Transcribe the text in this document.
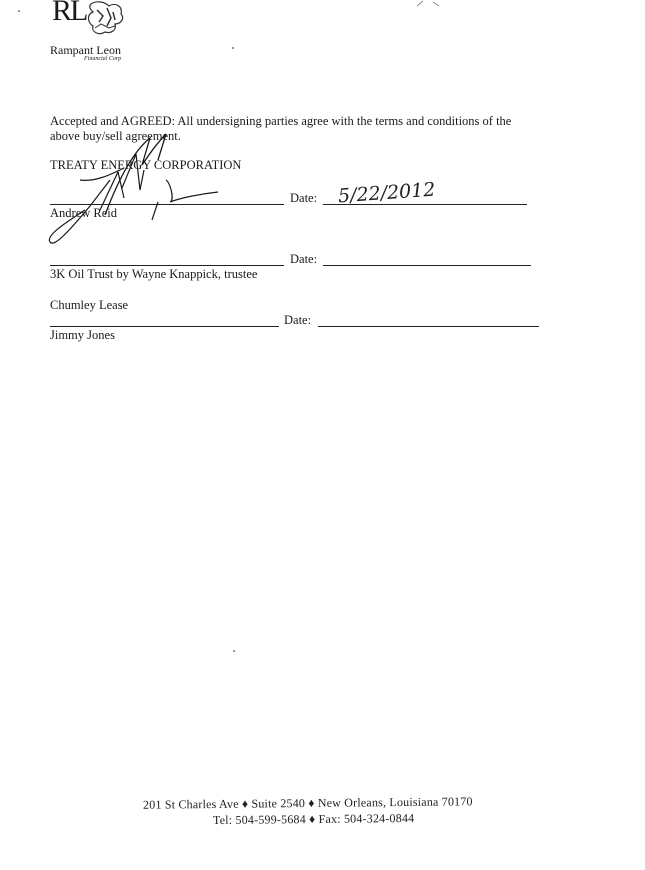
RL
Rampant Leon
Financial Corp
Accepted and AGREED: All undersigning parties agree with the terms and conditions of the
above buy/sell agreement.
TREATY ENERGY CORPORATION
Date:
Andrew Reid
5/22/2012
Date:
3K Oil Trust by Wayne Knappick, trustee
Chumley Lease
Date:
Jimmy Jones
201 St Charles Ave ♦ Suite 2540 ♦ New Orleans, Louisiana 70170
Tel: 504-599-5684 ♦ Fax: 504-324-0844
